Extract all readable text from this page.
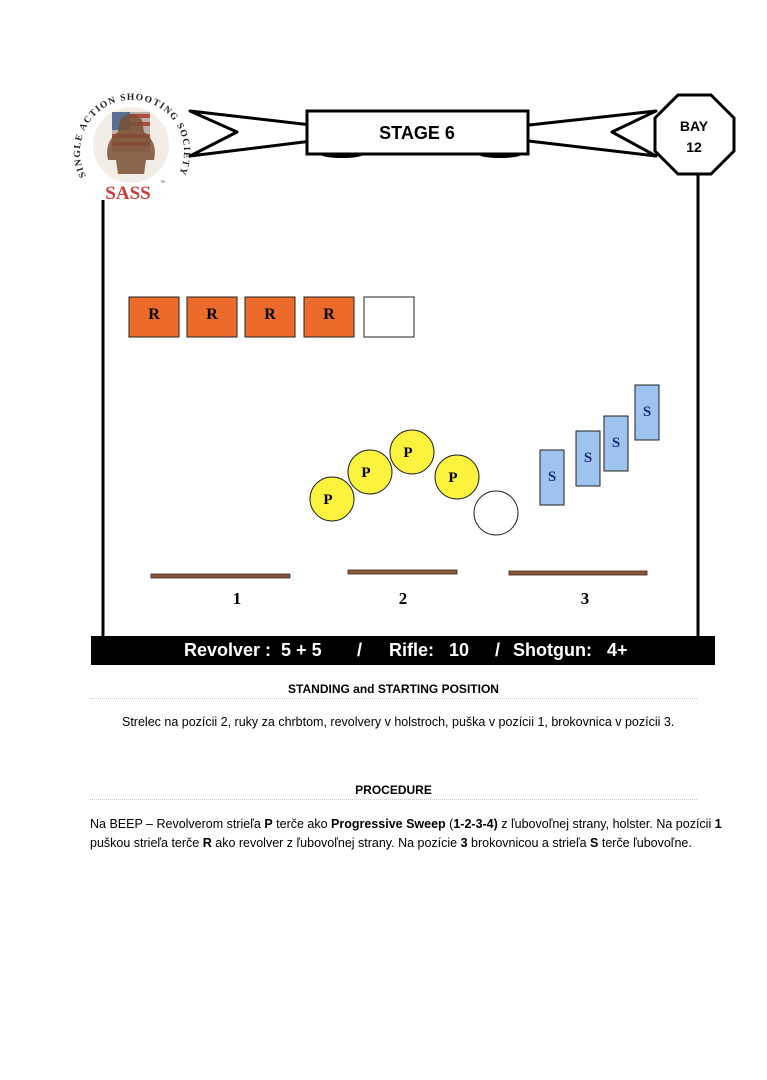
SINGLE ACTION SHOOTING SOCIETY
SASS ™
STAGE 6	BAY
12
R	R	R	R
P
P
P
P	S
S
S
S
1	2	3
Revolver :  5 + 5 / Rifle:   10 / Shotgun:   4+
STANDING and STARTING POSITION
Strelec na pozícii 2, ruky za chrbtom, revolvery v holstroch, puška v pozícii 1, brokovnica v pozícii 3.
PROCEDURE
Na BEEP – Revolverom strieľa P terče ako Progressive Sweep (1-2-3-4) z ľubovoľnej strany, holster. Na pozícii 1
puškou strieľa terče R ako revolver z ľubovoľnej strany. Na pozície 3 brokovnicou a strieľa S terče ľubovoľne.
